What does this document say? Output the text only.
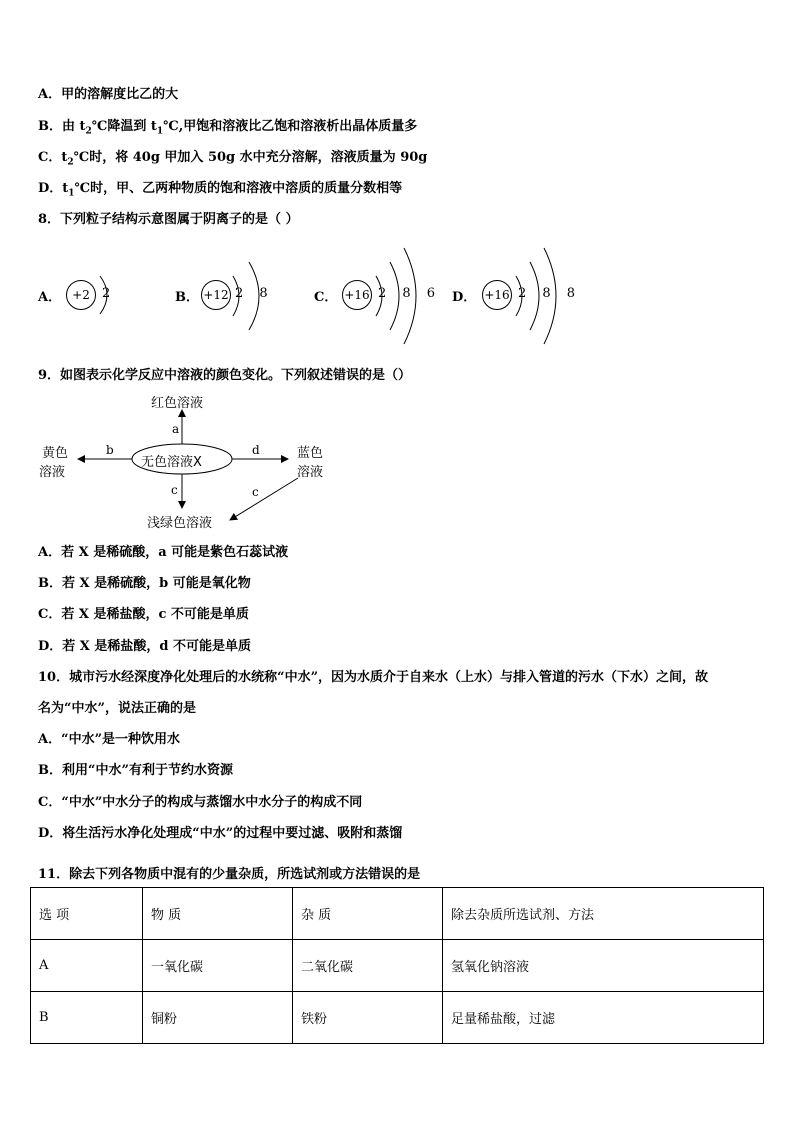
A．甲的溶解度比乙的大
B．由 $t_2℃$降温到 $t_1℃$,甲饱和溶液比乙饱和溶液析出晶体质量多
C．$t_2℃$时，将 40g 甲加入 50g 水中充分溶解，溶液质量为 90g
D．$t_1℃$时，甲、乙两种物质的饱和溶液中溶质的质量分数相等
8．下列粒子结构示意图属于阴离子的是（ ）
A． +2 2	B． +12 2 8	C． +16 2 8 6 D． +16 2 8 8
9．如图表示化学反应中溶液的颜色变化。下列叙述错误的是（）
无色溶液X
红色溶液
黄色
溶液
蓝色
溶液
浅绿色溶液
a
b	d
c	c
A．若 X 是稀硫酸，a 可能是紫色石蕊试液
B．若 X 是稀硫酸，b 可能是氧化物
C．若 X 是稀盐酸，c 不可能是单质
D．若 X 是稀盐酸，d 不可能是单质
10．城市污水经深度净化处理后的水统称“中水”，因为水质介于自来水（上水）与排入管道的污水（下水）之间，故
名为“中水”，说法正确的是
A．“中水”是一种饮用水
B．利用“中水”有利于节约水资源
C．“中水”中水分子的构成与蒸馏水中水分子的构成不同
D．将生活污水净化处理成“中水”的过程中要过滤、吸附和蒸馏
11．除去下列各物质中混有的少量杂质，所选试剂或方法错误的是
选 项	物 质	杂 质	除去杂质所选试剂、方法
A	一氧化碳	二氧化碳	氢氧化钠溶液
B	铜粉	铁粉	足量稀盐酸，过滤
